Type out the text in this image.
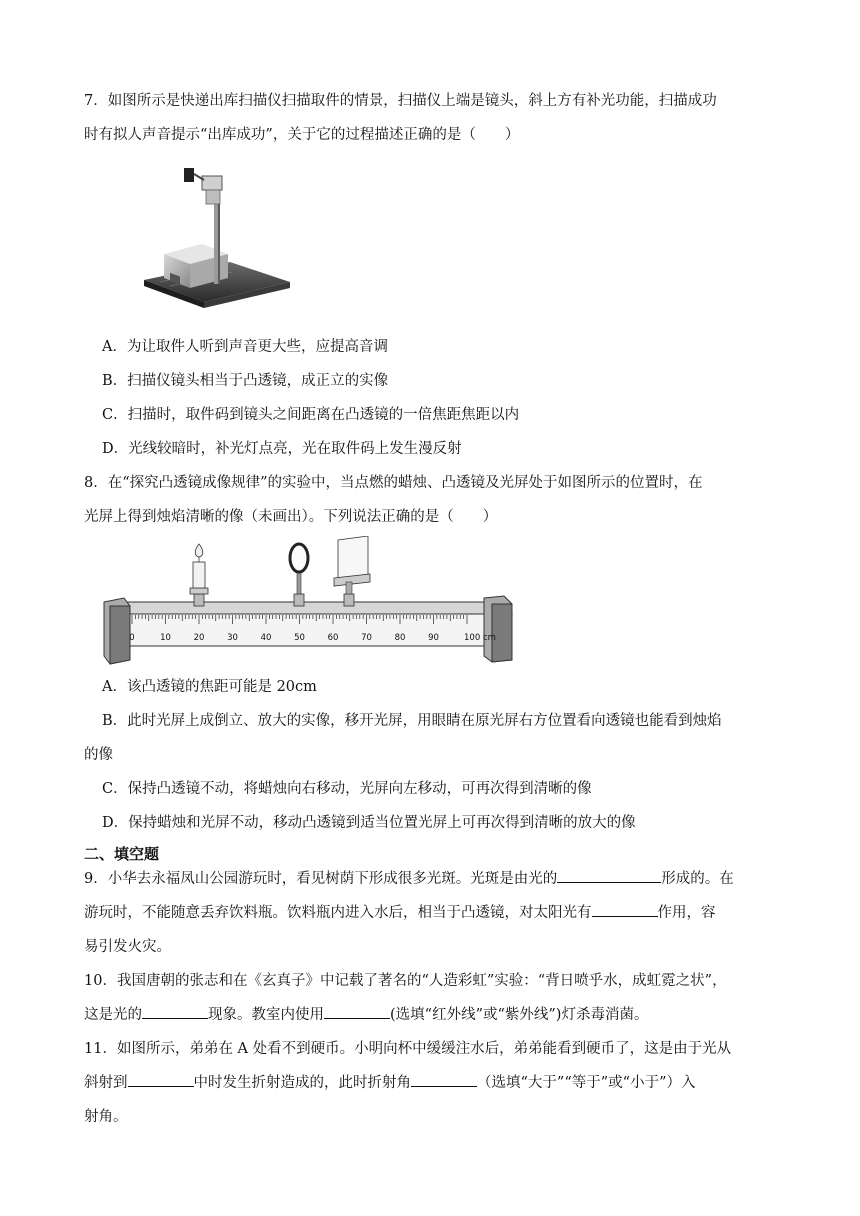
7．如图所示是快递出库扫描仪扫描取件的情景，扫描仪上端是镜头，斜上方有补光功能，扫描成功
时有拟人声音提示“出库成功”，关于它的过程描述正确的是（　　）
A．为让取件人听到声音更大些，应提高音调
B．扫描仪镜头相当于凸透镜，成正立的实像
C．扫描时，取件码到镜头之间距离在凸透镜的一倍焦距焦距以内
D．光线较暗时，补光灯点亮，光在取件码上发生漫反射
8．在“探究凸透镜成像规律”的实验中，当点燃的蜡烛、凸透镜及光屏处于如图所示的位置时，在
光屏上得到烛焰清晰的像（未画出）。下列说法正确的是（　　）
0	10	20	30	40	50	60	70	80	90	100 cm
A．该凸透镜的焦距可能是 20cm
B．此时光屏上成倒立、放大的实像，移开光屏，用眼睛在原光屏右方位置看向透镜也能看到烛焰
的像
C．保持凸透镜不动，将蜡烛向右移动，光屏向左移动，可再次得到清晰的像
D．保持蜡烛和光屏不动，移动凸透镜到适当位置光屏上可再次得到清晰的放大的像
二、填空题
9．小华去永福凤山公园游玩时，看见树荫下形成很多光斑。光斑是由光的	形成的。在
游玩时，不能随意丢弃饮料瓶。饮料瓶内进入水后，相当于凸透镜，对太阳光有	作用，容
易引发火灾。
10．我国唐朝的张志和在《玄真子》中记载了著名的“人造彩虹”实验：“背日喷乎水，成虹霓之状”，
这是光的	现象。教室内使用	(选填“红外线”或“紫外线”)灯杀毒消菌。
11．如图所示，弟弟在 A 处看不到硬币。小明向杯中缓缓注水后，弟弟能看到硬币了，这是由于光从
斜射到	中时发生折射造成的，此时折射角	（选填“大于”“等于”或“小于”）入
射角。
